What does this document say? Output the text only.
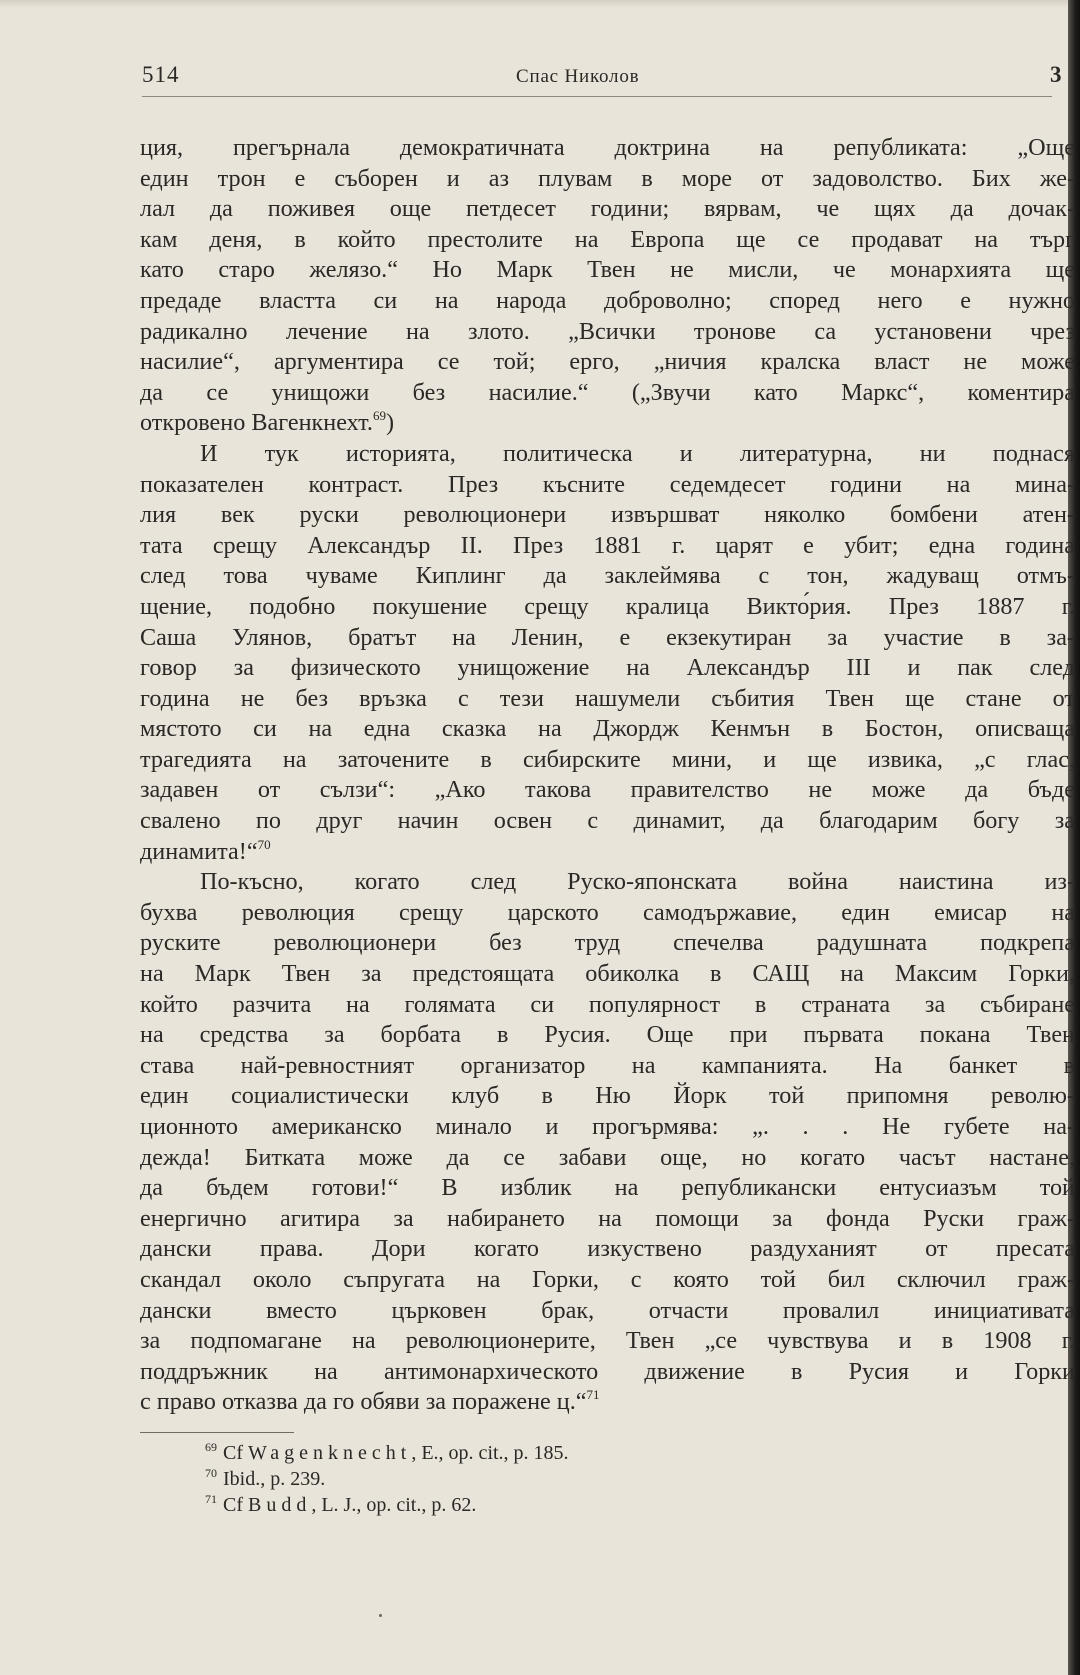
514	Спас Николов	3
ция, прегърнала демократичната доктрина на републиката: „Още
един трон е съборен и аз плувам в море от задоволство. Бих же-
лал да поживея още петдесет години; вярвам, че щях да дочак-
кам деня, в който престолите на Европа ще се продават на търг
като старо желязо.“ Но Марк Твен не мисли, че монархията ще
предаде властта си на народа доброволно; според него е нужно
радикално лечение на злото. „Всички тронове са установени чрез
насилие“, аргументира се той; ерго, „ничия кралска власт не може
да се унищожи без насилие.“ („Звучи като Маркс“, коментира
откровено Вагенкнехт.$^{69}$)
И тук историята, политическа и литературна, ни поднася
показателен контраст. През късните седемдесет години на мина-
лия век руски революционери извършват няколко бомбени атен-
тата срещу Александър II. През 1881 г. царят е убит; една година
след това чуваме Киплинг да заклеймява с тон, жадуващ отмъ-
щение, подобно покушение срещу кралица Викто́рия. През 1887 г.
Саша Улянов, братът на Ленин, е екзекутиран за участие в за-
говор за физическото унищожение на Александър III и пак след
година не без връзка с тези нашумели събития Твен ще стане от
мястото си на една сказка на Джордж Кенмън в Бостон, описваща
трагедията на заточените в сибирските мини, и ще извика, „с глас,
задавен от сълзи“: „Ако такова правителство не може да бъде
свалено по друг начин освен с динамит, да благодарим богу за
динамита!“$^{70}$
По-късно, когато след Руско-японската война наистина из-
бухва революция срещу царското самодържавие, един емисар на
руските революционери без труд спечелва радушната подкрепа
на Марк Твен за предстоящата обиколка в САЩ на Максим Горки,
който разчита на голямата си популярност в страната за събиране
на средства за борбата в Русия. Още при първата покана Твен
става най-ревностният организатор на кампанията. На банкет в
един социалистически клуб в Ню Йорк той припомня револю-
ционното американско минало и прогърмява: „. . . Не губете на-
дежда! Битката може да се забави още, но когато часът настане,
да бъдем готови!“ В изблик на републикански ентусиазъм той
енергично агитира за набирането на помощи за фонда Руски граж-
дански права. Дори когато изкуствено раздуханият от пресата
скандал около съпругата на Горки, с която той бил сключил граж-
дански вместо църковен брак, отчасти провалил инициативата
за подпомагане на революционерите, Твен „се чувствува и в 1908 г.
поддръжник на антимонархическото движение в Русия и Горки
с право отказва да го обяви за поражене ц.“$^{71}$
$^{69}$ Cf Wagenknecht, E., op. cit., p. 185.
$^{70}$ Ibid., p. 239.
$^{71}$ Cf Budd, L. J., op. cit., p. 62.
